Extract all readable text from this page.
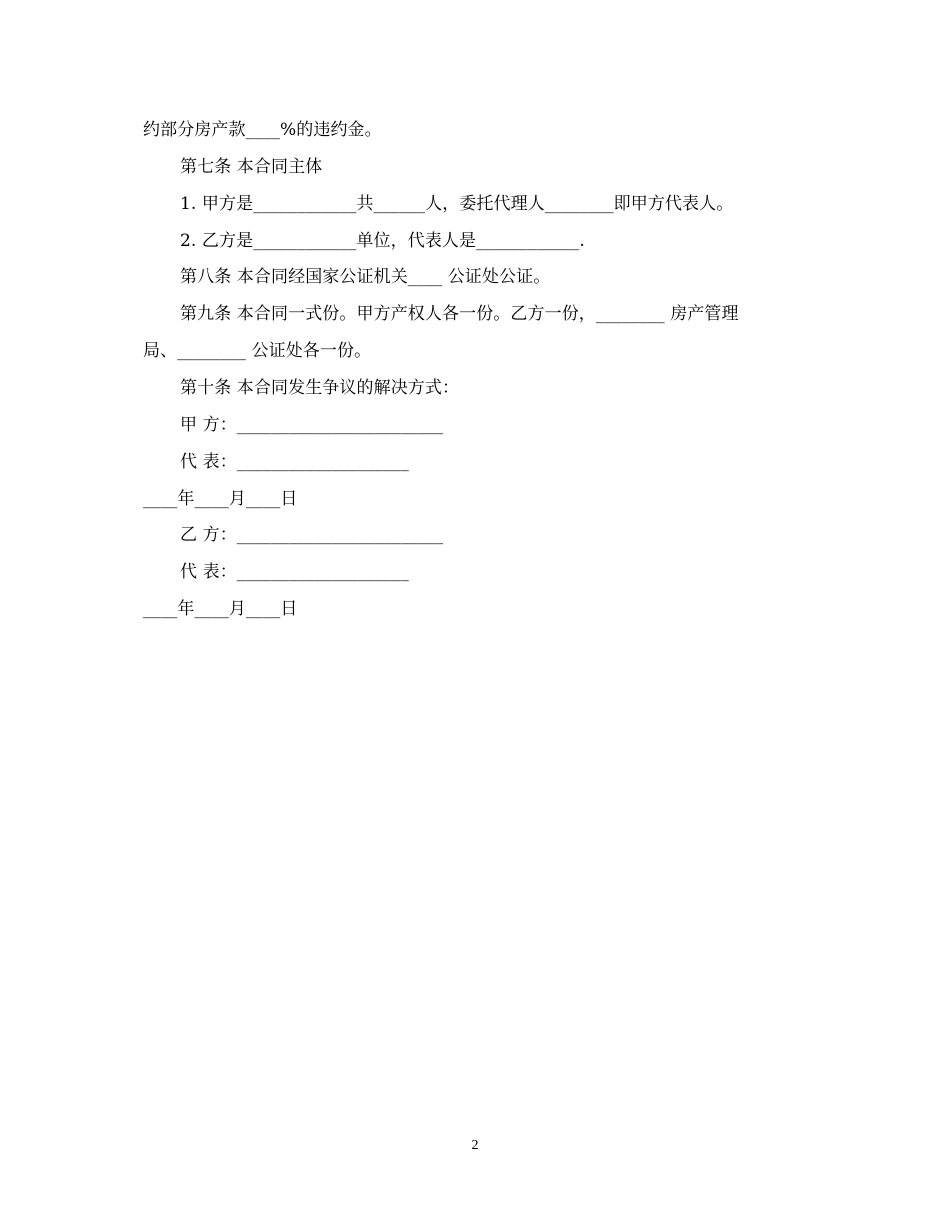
约部分房产款____%的违约金。
第七条 本合同主体
1. 甲方是____________共______人，委托代理人________即甲方代表人。
2. 乙方是____________单位，代表人是____________.
第八条 本合同经国家公证机关____ 公证处公证。
第九条 本合同一式份。甲方产权人各一份。乙方一份，________ 房产管理
局、________ 公证处各一份。
第十条 本合同发生争议的解决方式：
甲 方：________________________
代 表：____________________
____年____月____日
乙 方：________________________
代 表：____________________
____年____月____日
2
